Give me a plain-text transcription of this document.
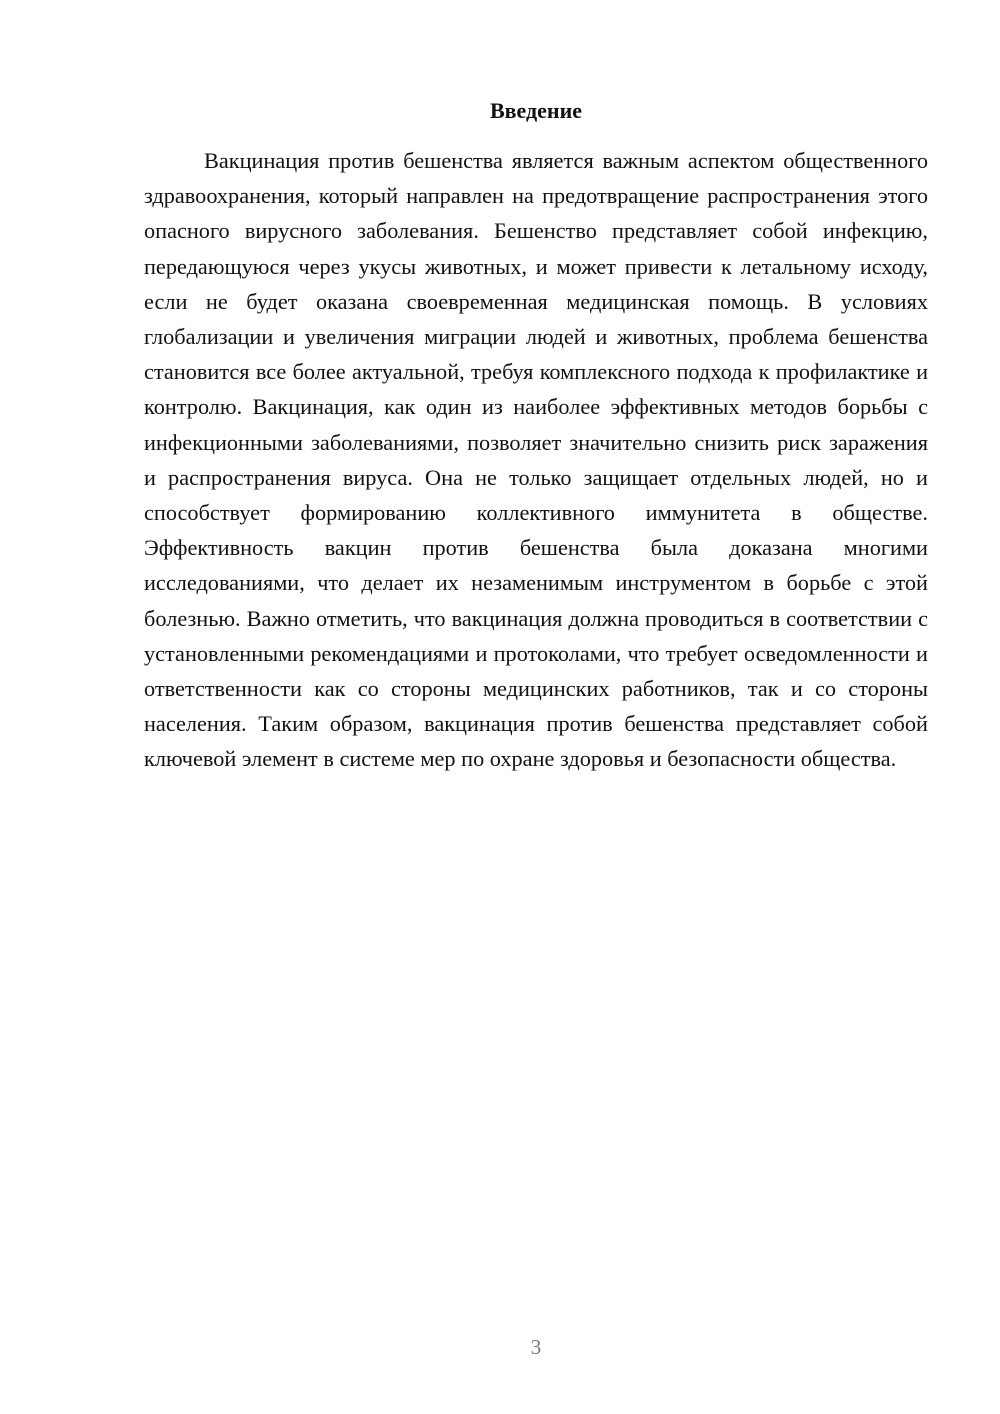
Введение

Вакцинация против бешенства является важным аспектом общественного здравоохранения, который направлен на предотвращение распространения этого опасного вирусного заболевания. Бешенство представляет собой инфекцию, передающуюся через укусы животных, и может привести к летальному исходу, если не будет оказана своевременная медицинская помощь. В условиях глобализации и увеличения миграции людей и животных, проблема бешенства становится все более актуальной, требуя комплексного подхода к профилактике и контролю. Вакцинация, как один из наиболее эффективных методов борьбы с инфекционными заболеваниями, позволяет значительно снизить риск заражения и распространения вируса. Она не только защищает отдельных людей, но и способствует формированию коллективного иммунитета в обществе. Эффективность вакцин против бешенства была доказана многими исследованиями, что делает их незаменимым инструментом в борьбе с этой болезнью. Важно отметить, что вакцинация должна проводиться в соответствии с установленными рекомендациями и протоколами, что требует осведомленности и ответственности как со стороны медицинских работников, так и со стороны населения. Таким образом, вакцинация против бешенства представляет собой ключевой элемент в системе мер по охране здоровья и безопасности общества.

3
